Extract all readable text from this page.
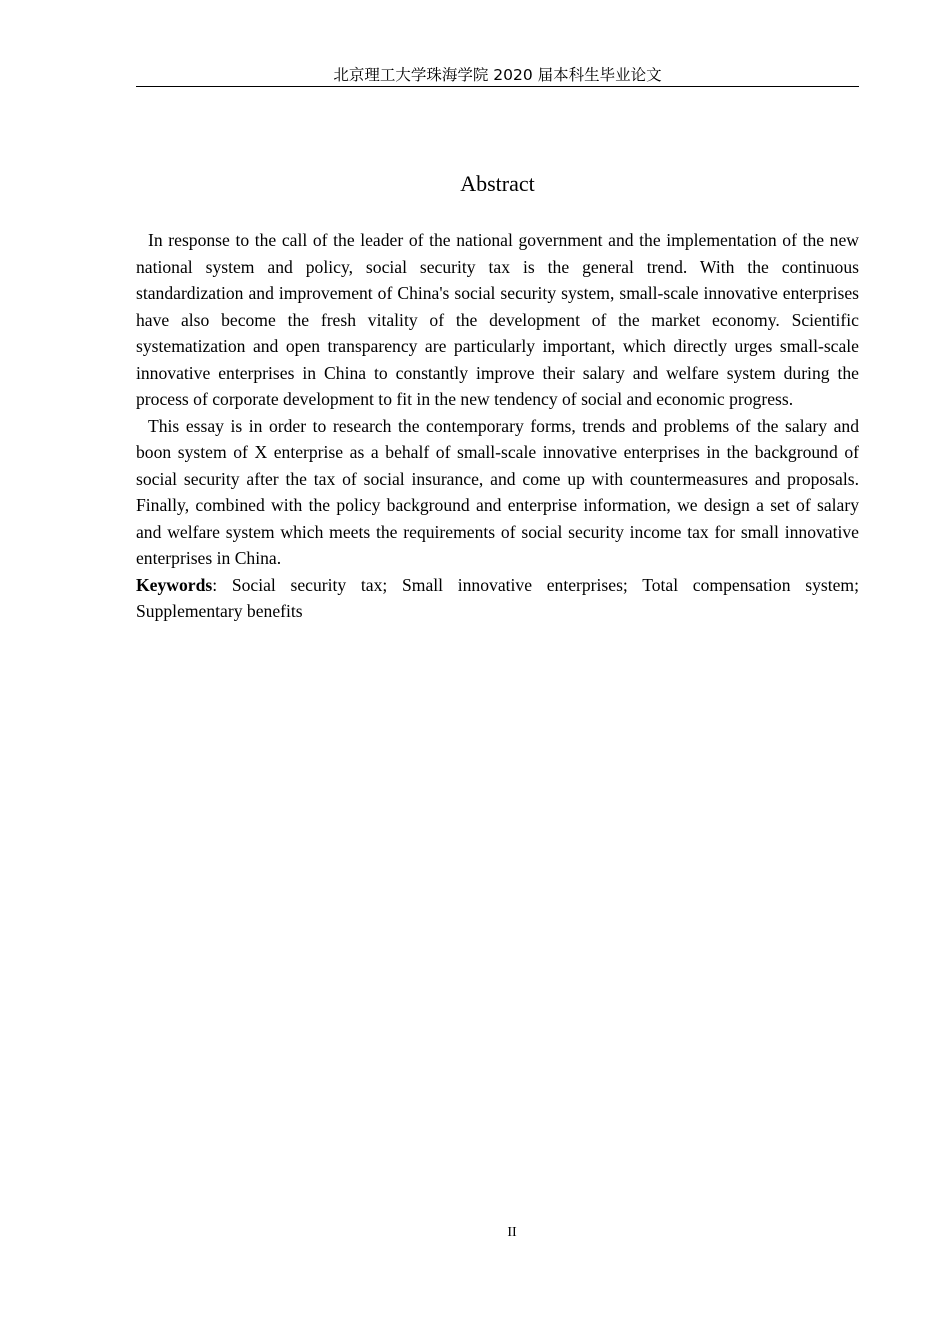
北京理工大学珠海学院 2020 届本科生毕业论文
Abstract

In response to the call of the leader of the national government and the implementation of the new national system and policy, social security tax is the general trend. With the continuous standardization and improvement of China's social security system, small-scale innovative enterprises have also become the fresh vitality of the development of the market economy. Scientific systematization and open transparency are particularly important, which directly urges small-scale innovative enterprises in China to constantly improve their salary and welfare system during the process of corporate development to fit in the new tendency of social and economic progress.

This essay is in order to research the contemporary forms, trends and problems of the salary and boon system of X enterprise as a behalf of small-scale innovative enterprises in the background of social security after the tax of social insurance, and come up with countermeasures and proposals. Finally, combined with the policy background and enterprise information, we design a set of salary and welfare system which meets the requirements of social security income tax for small innovative enterprises in China.

Keywords: Social security tax; Small innovative enterprises; Total compensation system; Supplementary benefits

II
